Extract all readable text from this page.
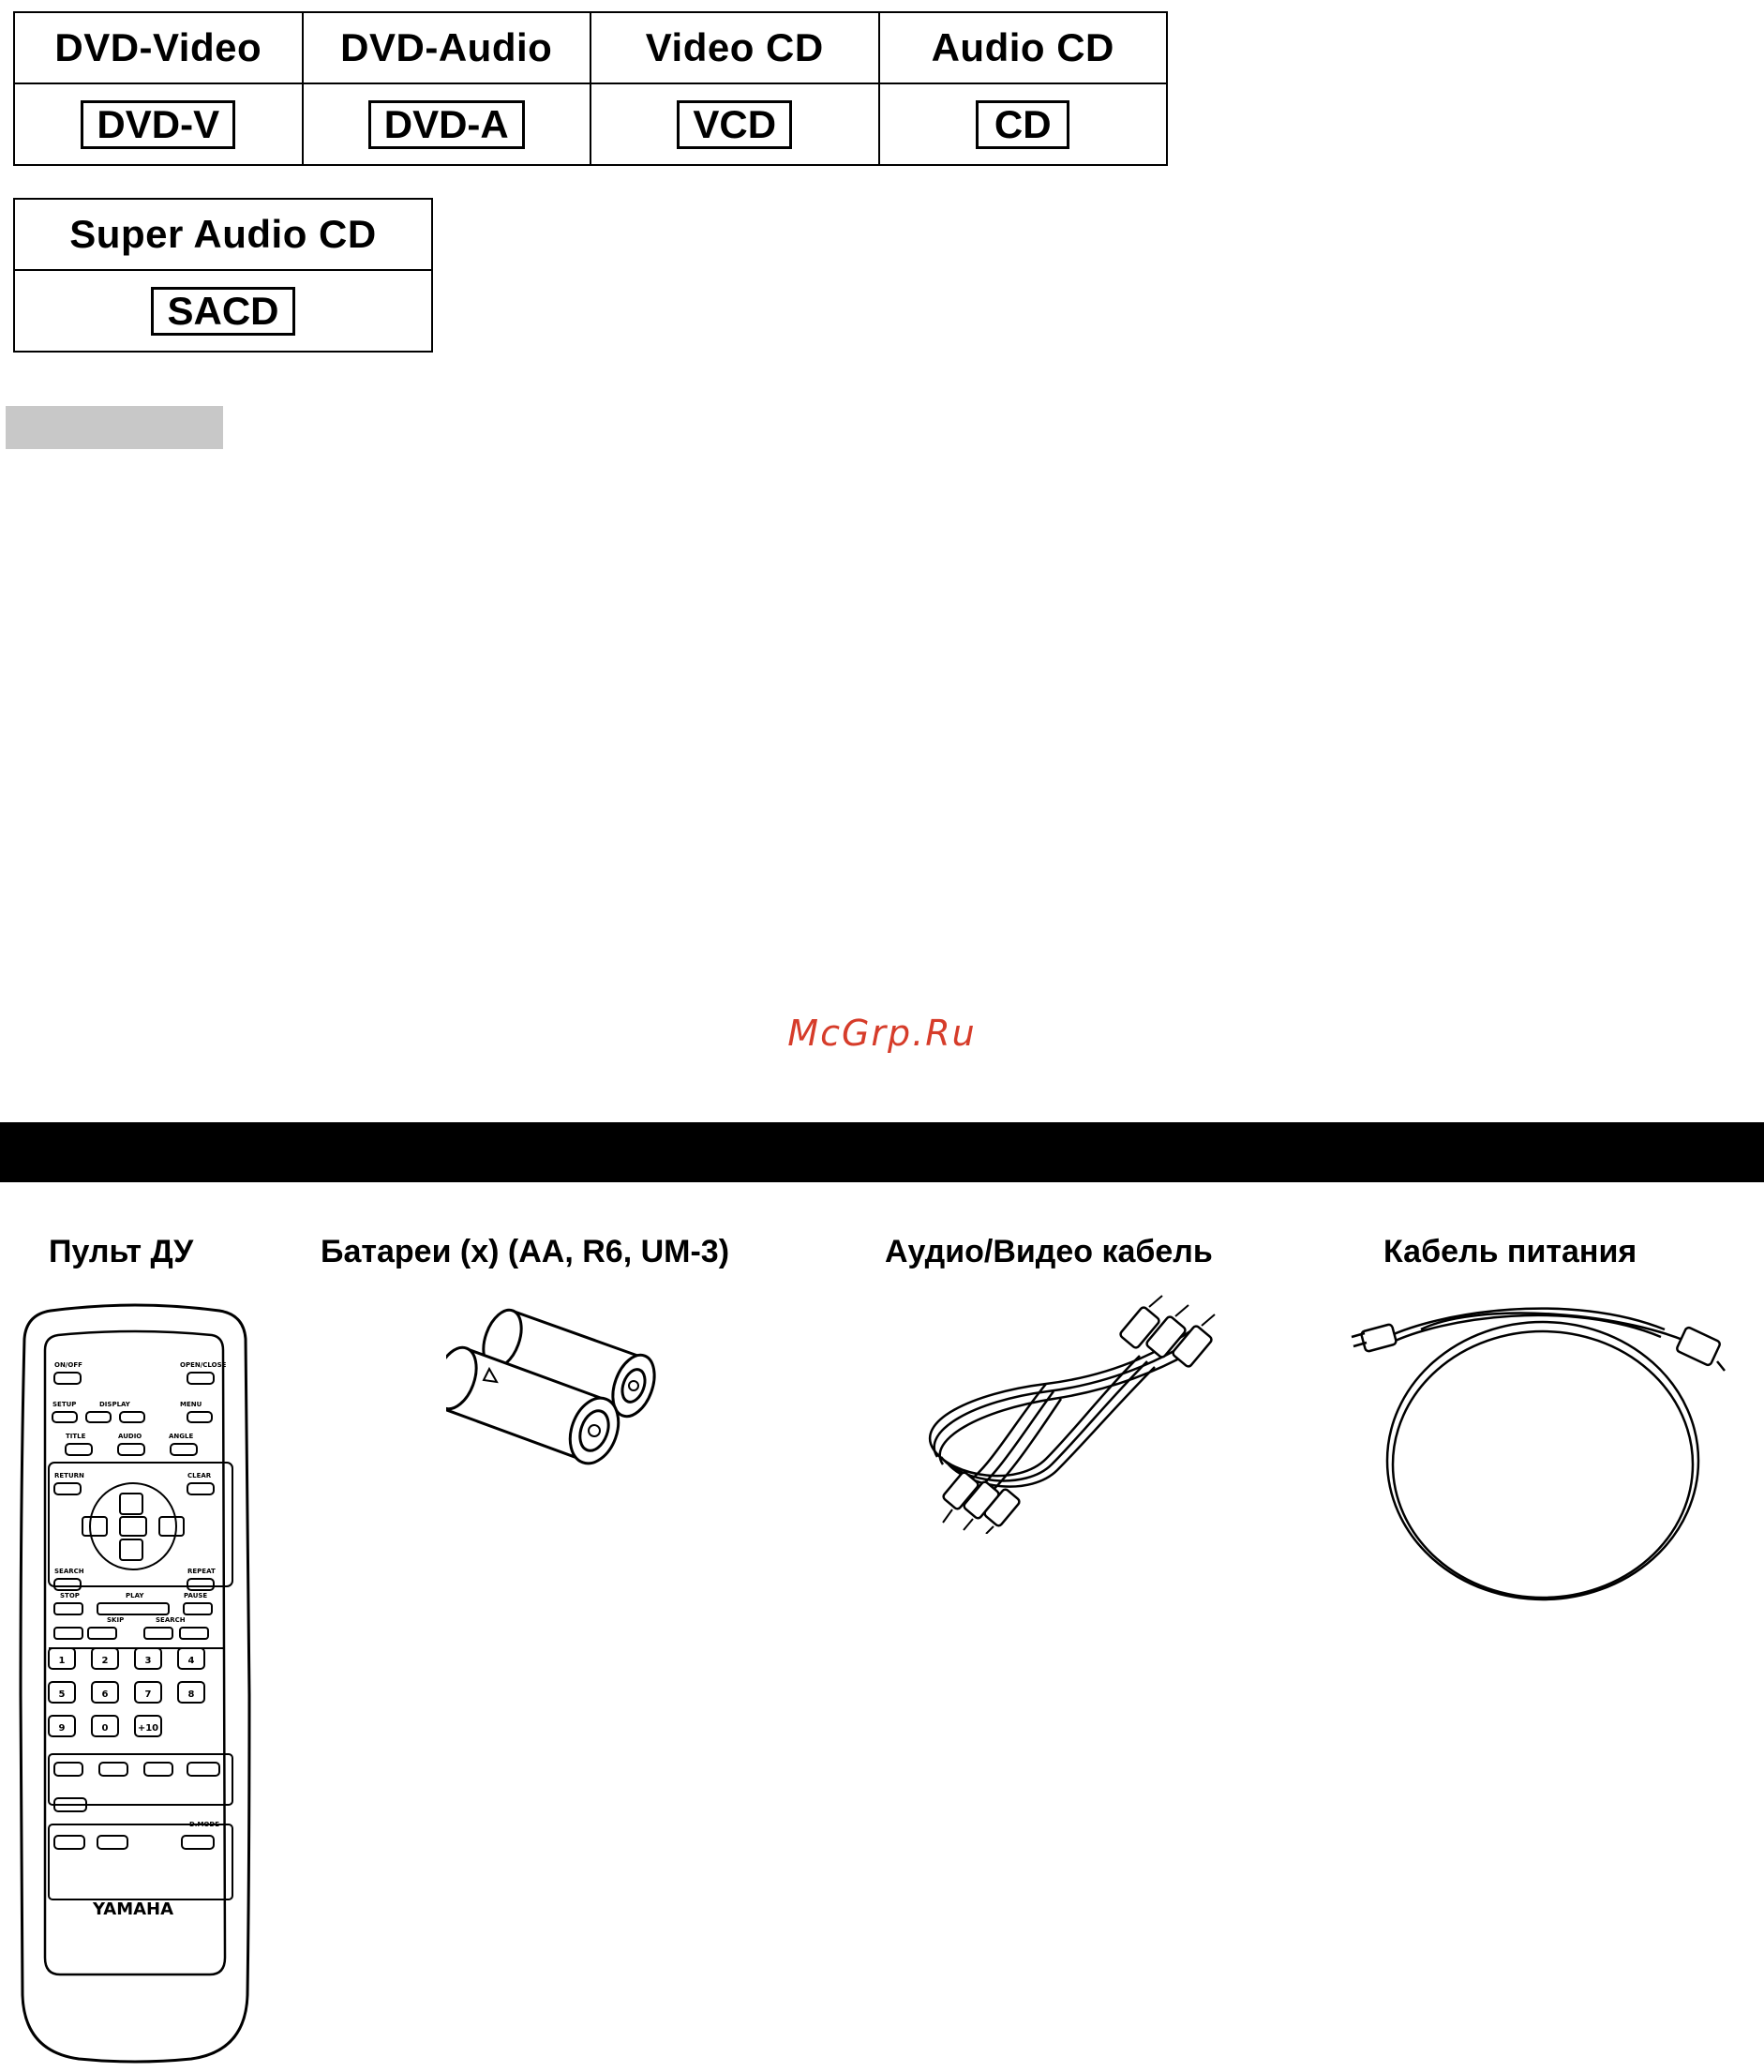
DVD-Video	DVD-Audio	Video CD	Audio CD
DVD-V	DVD-A	VCD	CD
Super Audio CD
SACD
McGrp.Ru
Пульт ДУ	Батареи (x) (AA, R6, UM-3)	Аудио/Видео кабель	Кабель питания
ON/OFF	OPEN/CLOSE
SETUP	DISPLAY	MENU
TITLE	AUDIO	ANGLE
RETURN	CLEAR
SEARCH	REPEAT
STOP	PLAY	PAUSE
SKIP	SEARCH
D.MODE
1	2	3	4
5	6	7	8
9	0	+10
YAMAHA
